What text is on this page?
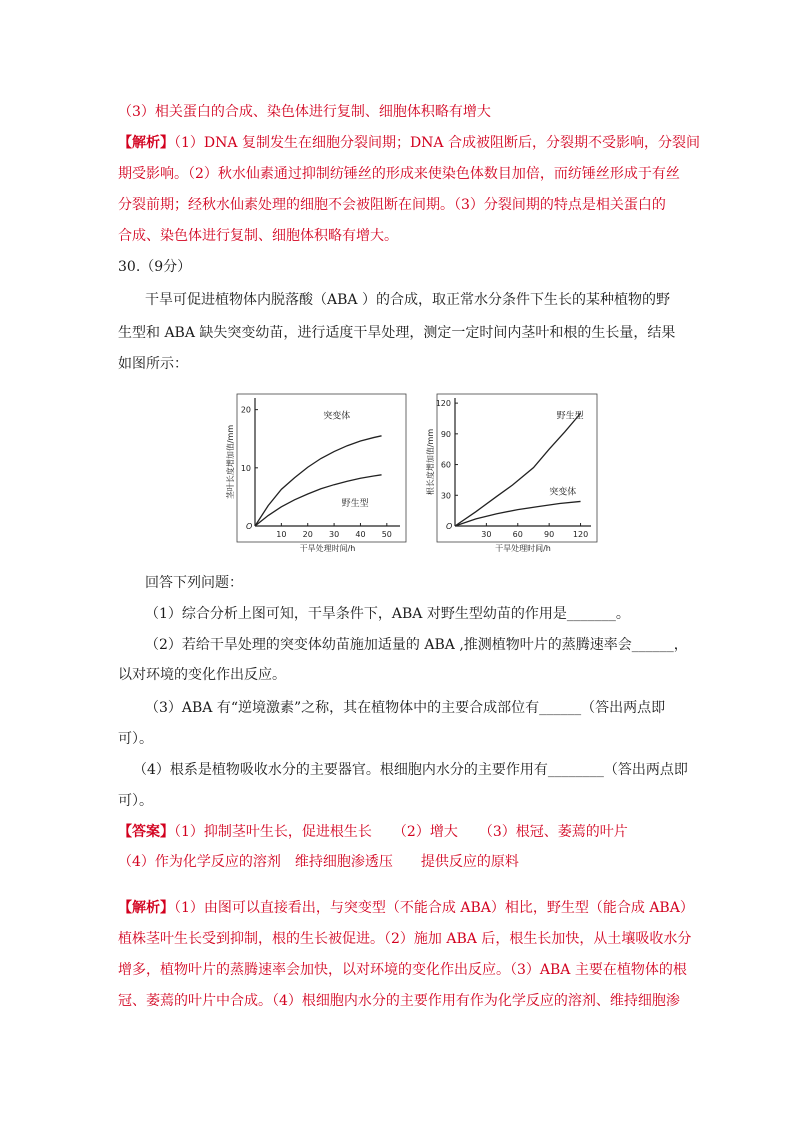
（3）相关蛋白的合成、染色体进行复制、细胞体积略有增大
【解析】（1）DNA 复制发生在细胞分裂间期；DNA 合成被阻断后，分裂期不受影响，分裂间
期受影响。（2）秋水仙素通过抑制纺锤丝的形成来使染色体数目加倍，而纺锤丝形成于有丝
分裂前期；经秋水仙素处理的细胞不会被阻断在间期。（3）分裂间期的特点是相关蛋白的
合成、染色体进行复制、细胞体积略有增大。
30.（9分）
干旱可促进植物体内脱落酸（ABA ）的合成，取正常水分条件下生长的某种植物的野
生型和 ABA 缺失突变幼苗，进行适度干旱处理，测定一定时间内茎叶和根的生长量，结果
如图所示：
10 20 30 40 50
10
20
O
干旱处理时间/h
茎叶长度增加值/mm
突变体
野生型
30	60	90 120
30
60
90
120
O
干旱处理时间/h
根长度增加值/mm
野生型
突变体
回答下列问题：
（1）综合分析上图可知，干旱条件下，ABA 对野生型幼苗的作用是_______。
（2）若给干旱处理的突变体幼苗施加适量的 ABA ,推测植物叶片的蒸腾速率会______，
以对环境的变化作出反应。
（3）ABA 有“逆境激素”之称，其在植物体中的主要合成部位有______（答出两点即
可）。
（4）根系是植物吸收水分的主要器官。根细胞内水分的主要作用有________（答出两点即
可）。
【答案】（1）抑制茎叶生长，促进根生长　　（2）增大　　（3）根冠、萎蔫的叶片
（4）作为化学反应的溶剂　维持细胞渗透压　　提供反应的原料
【解析】（1）由图可以直接看出，与突变型（不能合成 ABA）相比，野生型（能合成 ABA）
植株茎叶生长受到抑制，根的生长被促进。（2）施加 ABA 后，根生长加快，从土壤吸收水分
增多，植物叶片的蒸腾速率会加快，以对环境的变化作出反应。（3）ABA 主要在植物体的根
冠、萎蔫的叶片中合成。（4）根细胞内水分的主要作用有作为化学反应的溶剂、维持细胞渗
